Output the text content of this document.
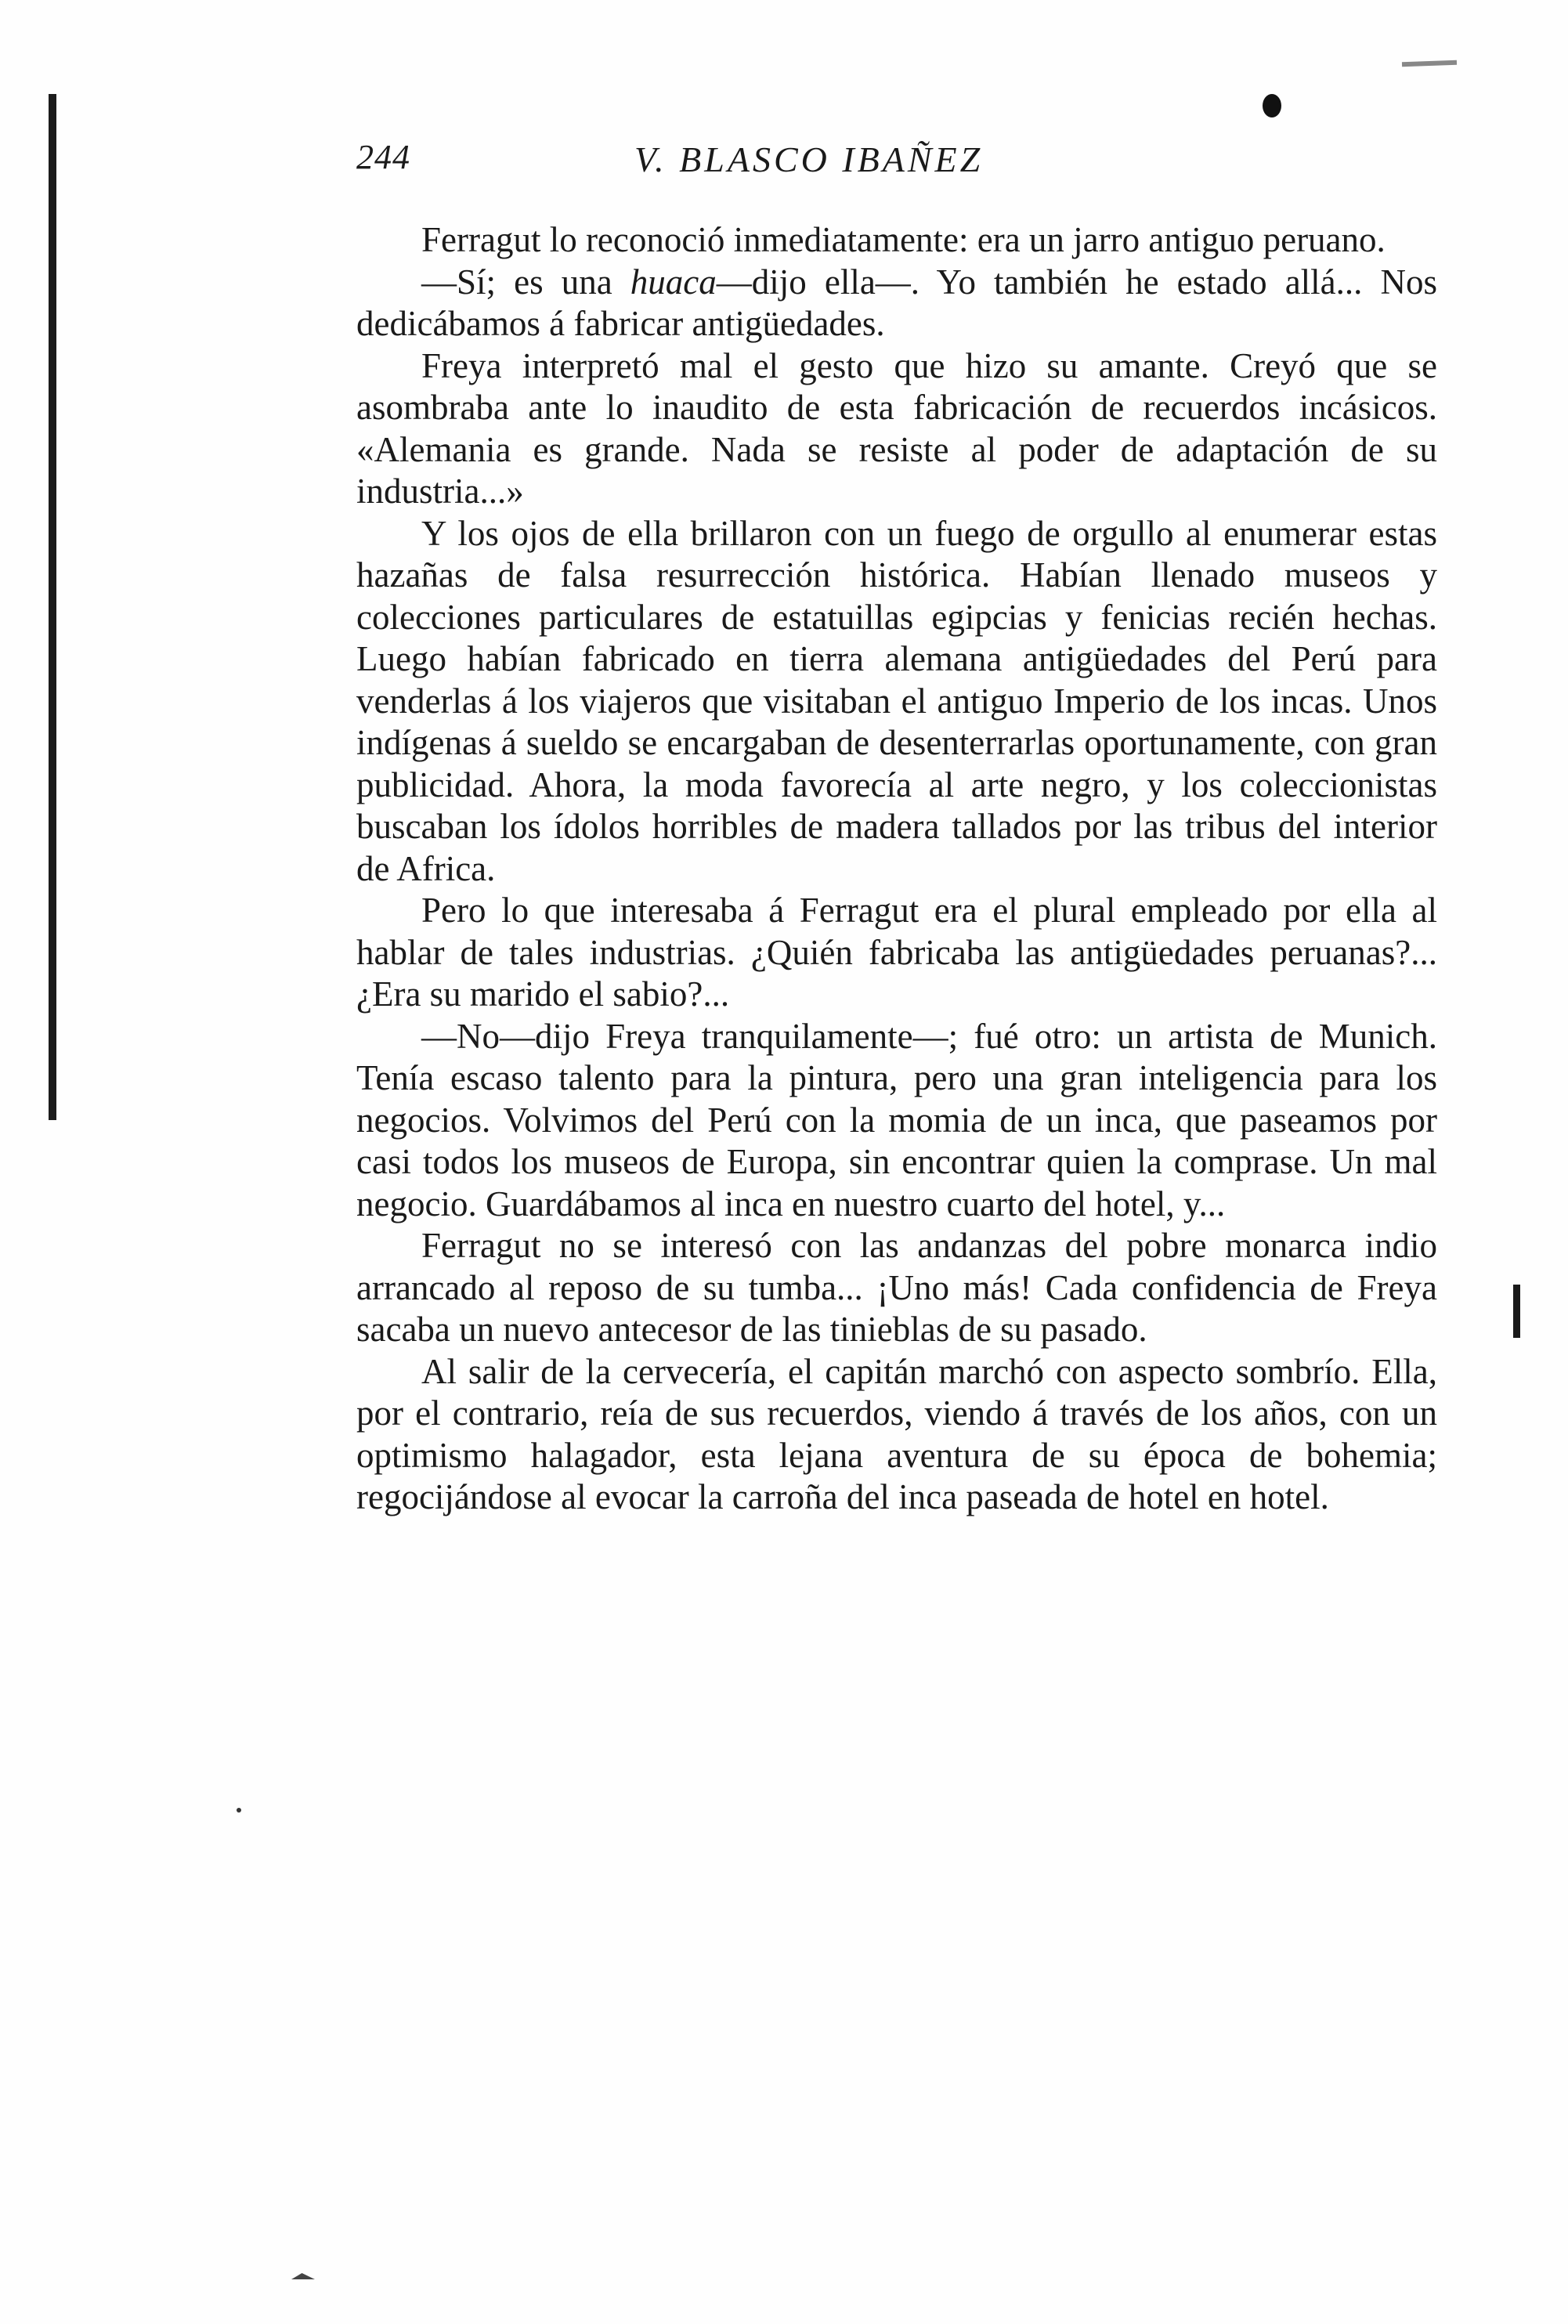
244	V. BLASCO IBAÑEZ

Ferragut lo reconoció inmediatamente: era un jarro antiguo peruano.

—Sí; es una huaca—dijo ella—. Yo también he estado allá... Nos dedicábamos á fabricar antigüedades.

Freya interpretó mal el gesto que hizo su amante. Creyó que se asombraba ante lo inaudito de esta fabricación de recuerdos incásicos. «Alemania es grande. Nada se resiste al poder de adaptación de su industria...»

Y los ojos de ella brillaron con un fuego de orgullo al enumerar estas hazañas de falsa resurrección histórica. Habían llenado museos y colecciones particulares de estatuillas egipcias y fenicias recién hechas. Luego habían fabricado en tierra alemana antigüedades del Perú para venderlas á los viajeros que visitaban el antiguo Imperio de los incas. Unos indígenas á sueldo se encargaban de desenterrarlas oportunamente, con gran publicidad. Ahora, la moda favorecía al arte negro, y los coleccionistas buscaban los ídolos horribles de madera tallados por las tribus del interior de Africa.

Pero lo que interesaba á Ferragut era el plural empleado por ella al hablar de tales industrias. ¿Quién fabricaba las antigüedades peruanas?... ¿Era su marido el sabio?...

—No—dijo Freya tranquilamente—; fué otro: un artista de Munich. Tenía escaso talento para la pintura, pero una gran inteligencia para los negocios. Volvimos del Perú con la momia de un inca, que paseamos por casi todos los museos de Europa, sin encontrar quien la comprase. Un mal negocio. Guardábamos al inca en nuestro cuarto del hotel, y...

Ferragut no se interesó con las andanzas del pobre monarca indio arrancado al reposo de su tumba... ¡Uno más! Cada confidencia de Freya sacaba un nuevo antecesor de las tinieblas de su pasado.

Al salir de la cervecería, el capitán marchó con aspecto sombrío. Ella, por el contrario, reía de sus recuerdos, viendo á través de los años, con un optimismo halagador, esta lejana aventura de su época de bohemia; regocijándose al evocar la carroña del inca paseada de hotel en hotel.
